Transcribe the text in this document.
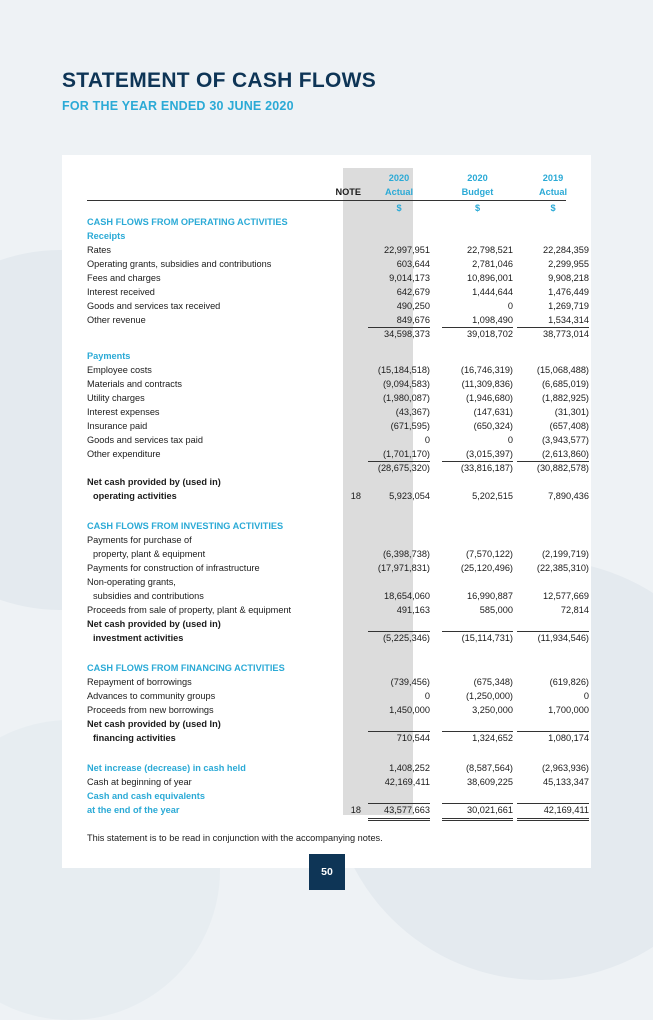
STATEMENT OF CASH FLOWS
FOR THE YEAR ENDED 30 JUNE 2020
2020	2020	2019
NOTE	Actual	Budget	Actual
$	$	$
CASH FLOWS FROM OPERATING ACTIVITIES
Receipts
Rates	22,997,951	22,798,521	22,284,359
Operating grants, subsidies and contributions	603,644	2,781,046	2,299,955
Fees and charges	9,014,173	10,896,001	9,908,218
Interest received	642,679	1,444,644	1,476,449
Goods and services tax received	490,250	0	1,269,719
Other revenue	849,676	1,098,490	1,534,314
34,598,373	39,018,702	38,773,014
Payments
Employee costs	(15,184,518)	(16,746,319)	(15,068,488)
Materials and contracts	(9,094,583)	(11,309,836)	(6,685,019)
Utility charges	(1,980,087)	(1,946,680)	(1,882,925)
Interest expenses	(43,367)	(147,631)	(31,301)
Insurance paid	(671,595)	(650,324)	(657,408)
Goods and services tax paid	0	0	(3,943,577)
Other expenditure	(1,701,170)	(3,015,397)	(2,613,860)
(28,675,320)	(33,816,187)	(30,882,578)
Net cash provided by (used in)
operating activities	18	5,923,054	5,202,515	7,890,436
CASH FLOWS FROM INVESTING ACTIVITIES
Payments for purchase of
property, plant & equipment	(6,398,738)	(7,570,122)	(2,199,719)
Payments for construction of infrastructure	(17,971,831)	(25,120,496)	(22,385,310)
Non-operating grants,
subsidies and contributions	18,654,060	16,990,887	12,577,669
Proceeds from sale of property, plant & equipment	491,163	585,000	72,814
Net cash provided by (used in)
investment activities	(5,225,346)	(15,114,731)	(11,934,546)
CASH FLOWS FROM FINANCING ACTIVITIES
Repayment of borrowings	(739,456)	(675,348)	(619,826)
Advances to community groups	0	(1,250,000)	0
Proceeds from new borrowings	1,450,000	3,250,000	1,700,000
Net cash provided by (used In)
financing activities	710,544	1,324,652	1,080,174
Net increase (decrease) in cash held	1,408,252	(8,587,564)	(2,963,936)
Cash at beginning of year	42,169,411	38,609,225	45,133,347
Cash and cash equivalents
at the end of the year	18	43,577,663	30,021,661	42,169,411
This statement is to be read in conjunction with the accompanying notes.
50
